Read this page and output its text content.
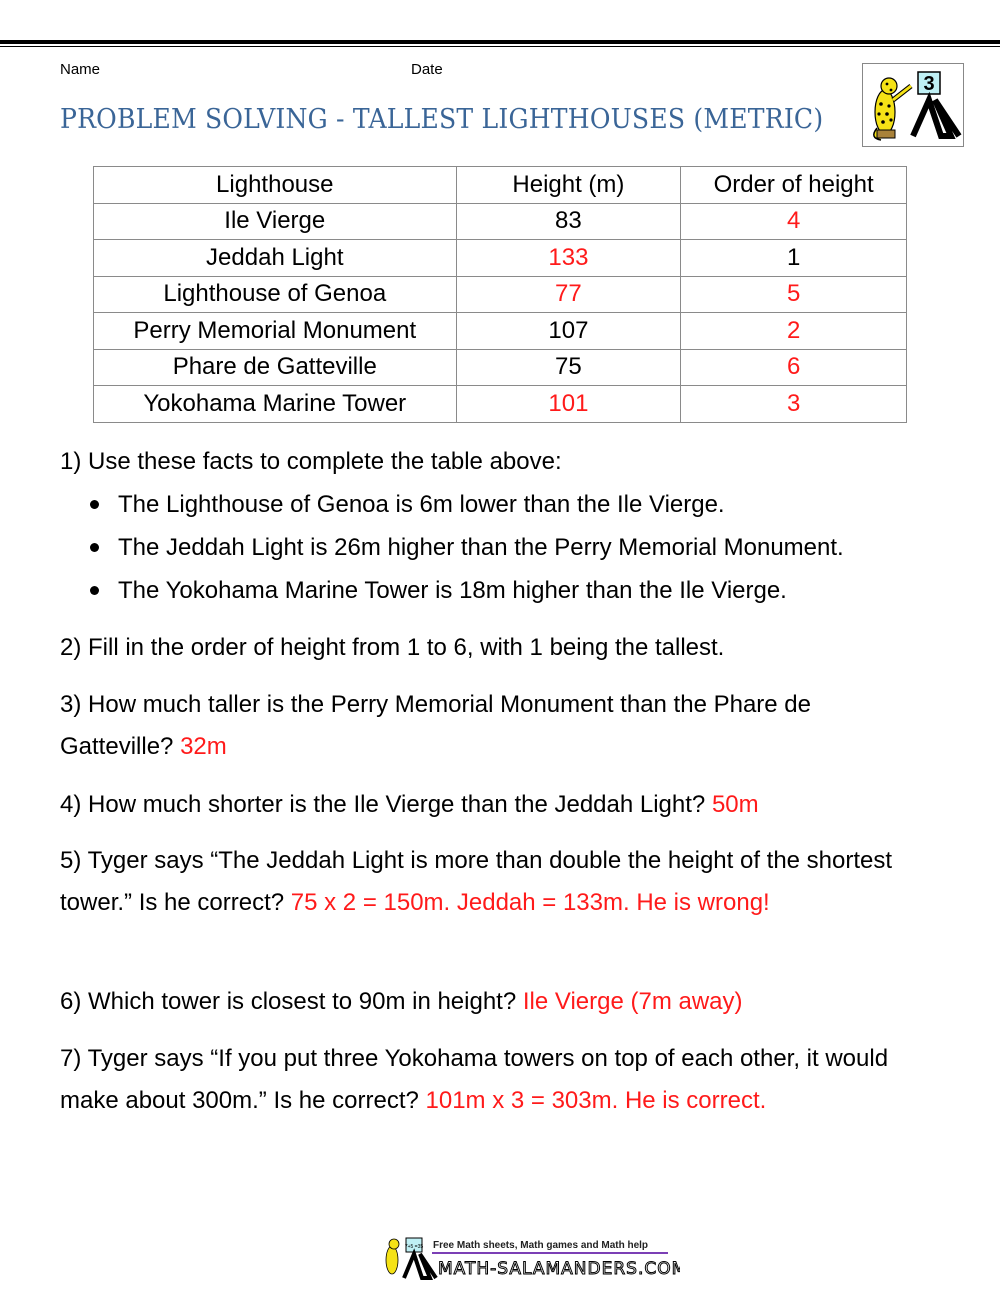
Name	Date
PROBLEM SOLVING - TALLEST LIGHTHOUSES (METRIC)
3
Lighthouse	Height (m)	Order of height
Ile Vierge	83	4
Jeddah Light	133	1
Lighthouse of Genoa	77	5
Perry Memorial Monument	107	2
Phare de Gatteville	75	6
Yokohama Marine Tower	101	3
1) Use these facts to complete the table above:
The Lighthouse of Genoa is 6m lower than the Ile Vierge.
The Jeddah Light is 26m higher than the Perry Memorial Monument.
The Yokohama Marine Tower is 18m higher than the Ile Vierge.
2) Fill in the order of height from 1 to 6, with 1 being the tallest.
3) How much taller is the Perry Memorial Monument than the Phare de Gatteville? 32m
4) How much shorter is the Ile Vierge than the Jeddah Light? 50m
5) Tyger says “The Jeddah Light is more than double the height of the shortest tower.” Is he correct? 75 x 2 = 150m. Jeddah = 133m. He is wrong!
6) Which tower is closest to 90m in height? Ile Vierge (7m away)
7) Tyger says “If you put three Yokohama towers on top of each other, it would make about 300m.” Is he correct? 101m x 3 = 303m. He is correct.
7+5 =35 Free Math sheets, Math games and Math help
MATH-SALAMANDERS.COM
